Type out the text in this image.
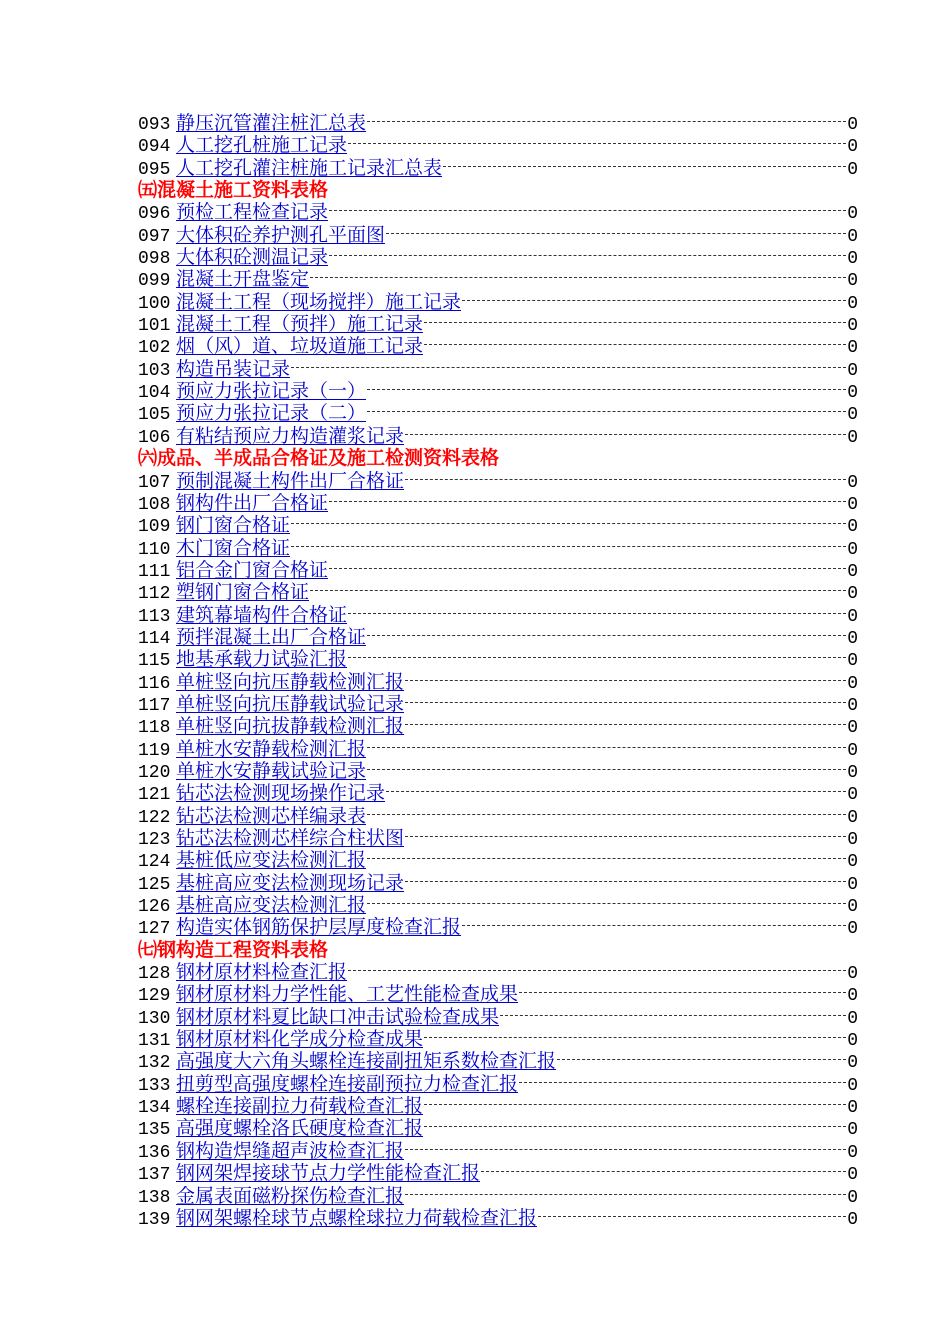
093 静压沉管灌注桩汇总表	0
094 人工挖孔桩施工记录	0
095 人工挖孔灌注桩施工记录汇总表	0
㈤混凝土施工资料表格
096 预检工程检查记录	0
097 大体积砼养护测孔平面图	0
098 大体积砼测温记录	0
099 混凝土开盘鉴定	0
100 混凝土工程（现场搅拌）施工记录	0
101 混凝土工程（预拌）施工记录	0
102 烟（风）道、垃圾道施工记录	0
103 构造吊装记录	0
104 预应力张拉记录（一）	0
105 预应力张拉记录（二）	0
106 有粘结预应力构造灌浆记录	0
㈥成品、半成品合格证及施工检测资料表格
107 预制混凝土构件出厂合格证	0
108 钢构件出厂合格证	0
109 钢门窗合格证	0
110 木门窗合格证	0
111 铝合金门窗合格证	0
112 塑钢门窗合格证	0
113 建筑幕墙构件合格证	0
114 预拌混凝土出厂合格证	0
115 地基承载力试验汇报	0
116 单桩竖向抗压静载检测汇报	0
117 单桩竖向抗压静载试验记录	0
118 单桩竖向抗拔静载检测汇报	0
119 单桩水安静载检测汇报	0
120 单桩水安静载试验记录	0
121 钻芯法检测现场操作记录	0
122 钻芯法检测芯样编录表	0
123 钻芯法检测芯样综合柱状图	0
124 基桩低应变法检测汇报	0
125 基桩高应变法检测现场记录	0
126 基桩高应变法检测汇报	0
127 构造实体钢筋保护层厚度检查汇报	0
㈦钢构造工程资料表格
128 钢材原材料检查汇报	0
129 钢材原材料力学性能、工艺性能检查成果	0
130 钢材原材料夏比缺口冲击试验检查成果	0
131 钢材原材料化学成分检查成果	0
132 高强度大六角头螺栓连接副扭矩系数检查汇报	0
133 扭剪型高强度螺栓连接副预拉力检查汇报	0
134 螺栓连接副拉力荷载检查汇报	0
135 高强度螺栓洛氏硬度检查汇报	0
136 钢构造焊缝超声波检查汇报	0
137 钢网架焊接球节点力学性能检查汇报	0
138 金属表面磁粉探伤检查汇报	0
139 钢网架螺栓球节点螺栓球拉力荷载检查汇报	0
